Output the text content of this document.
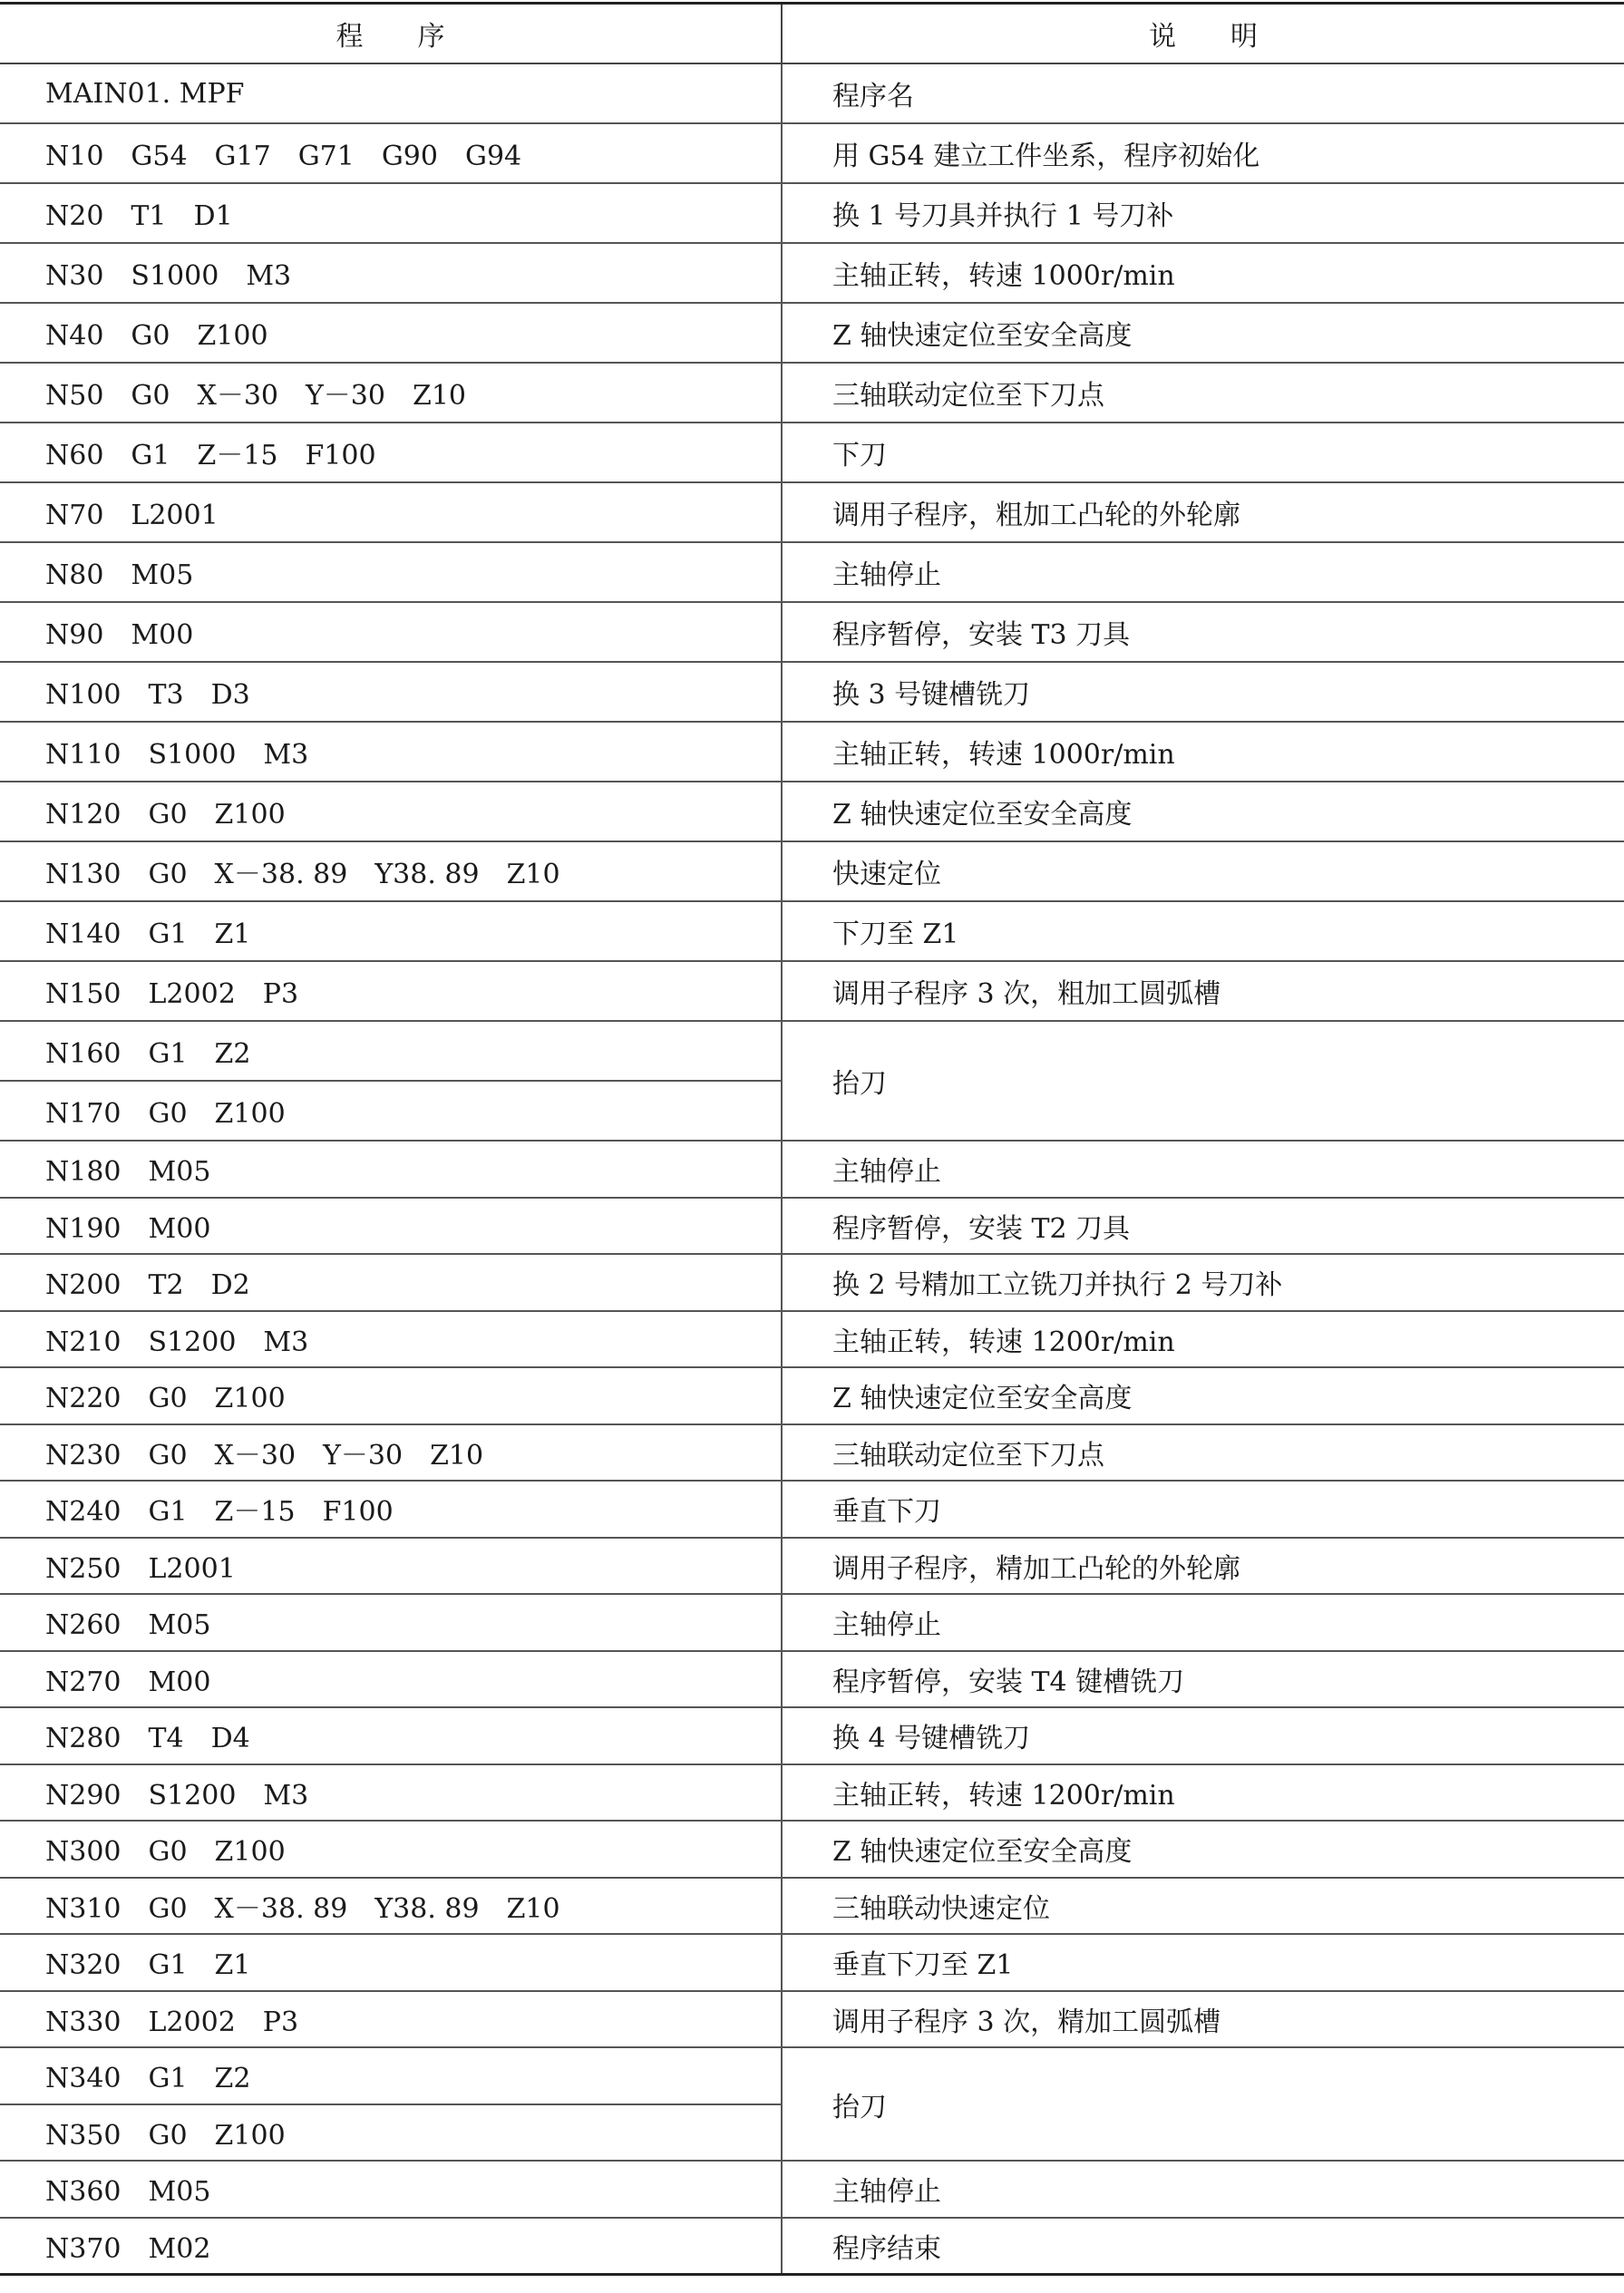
程　　序	说　　明
MAIN01. MPF	程序名
N10　G54　G17　G71　G90　G94	用 G54 建立工件坐系，程序初始化
N20　T1　D1	换 1 号刀具并执行 1 号刀补
N30　S1000　M3	主轴正转，转速 1000r/min
N40　G0　Z100	Z 轴快速定位至安全高度
N50　G0　X－30　Y－30　Z10	三轴联动定位至下刀点
N60　G1　Z－15　F100	下刀
N70　L2001	调用子程序，粗加工凸轮的外轮廓
N80　M05	主轴停止
N90　M00	程序暂停，安装 T3 刀具
N100　T3　D3	换 3 号键槽铣刀
N110　S1000　M3	主轴正转，转速 1000r/min
N120　G0　Z100	Z 轴快速定位至安全高度
N130　G0　X－38. 89　Y38. 89　Z10	快速定位
N140　G1　Z1	下刀至 Z1
N150　L2002　P3	调用子程序 3 次，粗加工圆弧槽
N160　G1　Z2	抬刀
N170　G0　Z100	
N180　M05	主轴停止
N190　M00	程序暂停，安装 T2 刀具
N200　T2　D2	换 2 号精加工立铣刀并执行 2 号刀补
N210　S1200　M3	主轴正转，转速 1200r/min
N220　G0　Z100	Z 轴快速定位至安全高度
N230　G0　X－30　Y－30　Z10	三轴联动定位至下刀点
N240　G1　Z－15　F100	垂直下刀
N250　L2001	调用子程序，精加工凸轮的外轮廓
N260　M05	主轴停止
N270　M00	程序暂停，安装 T4 键槽铣刀
N280　T4　D4	换 4 号键槽铣刀
N290　S1200　M3	主轴正转，转速 1200r/min
N300　G0　Z100	Z 轴快速定位至安全高度
N310　G0　X－38. 89　Y38. 89　Z10	三轴联动快速定位
N320　G1　Z1	垂直下刀至 Z1
N330　L2002　P3	调用子程序 3 次，精加工圆弧槽
N340　G1　Z2	抬刀
N350　G0　Z100	
N360　M05	主轴停止
N370　M02	程序结束
